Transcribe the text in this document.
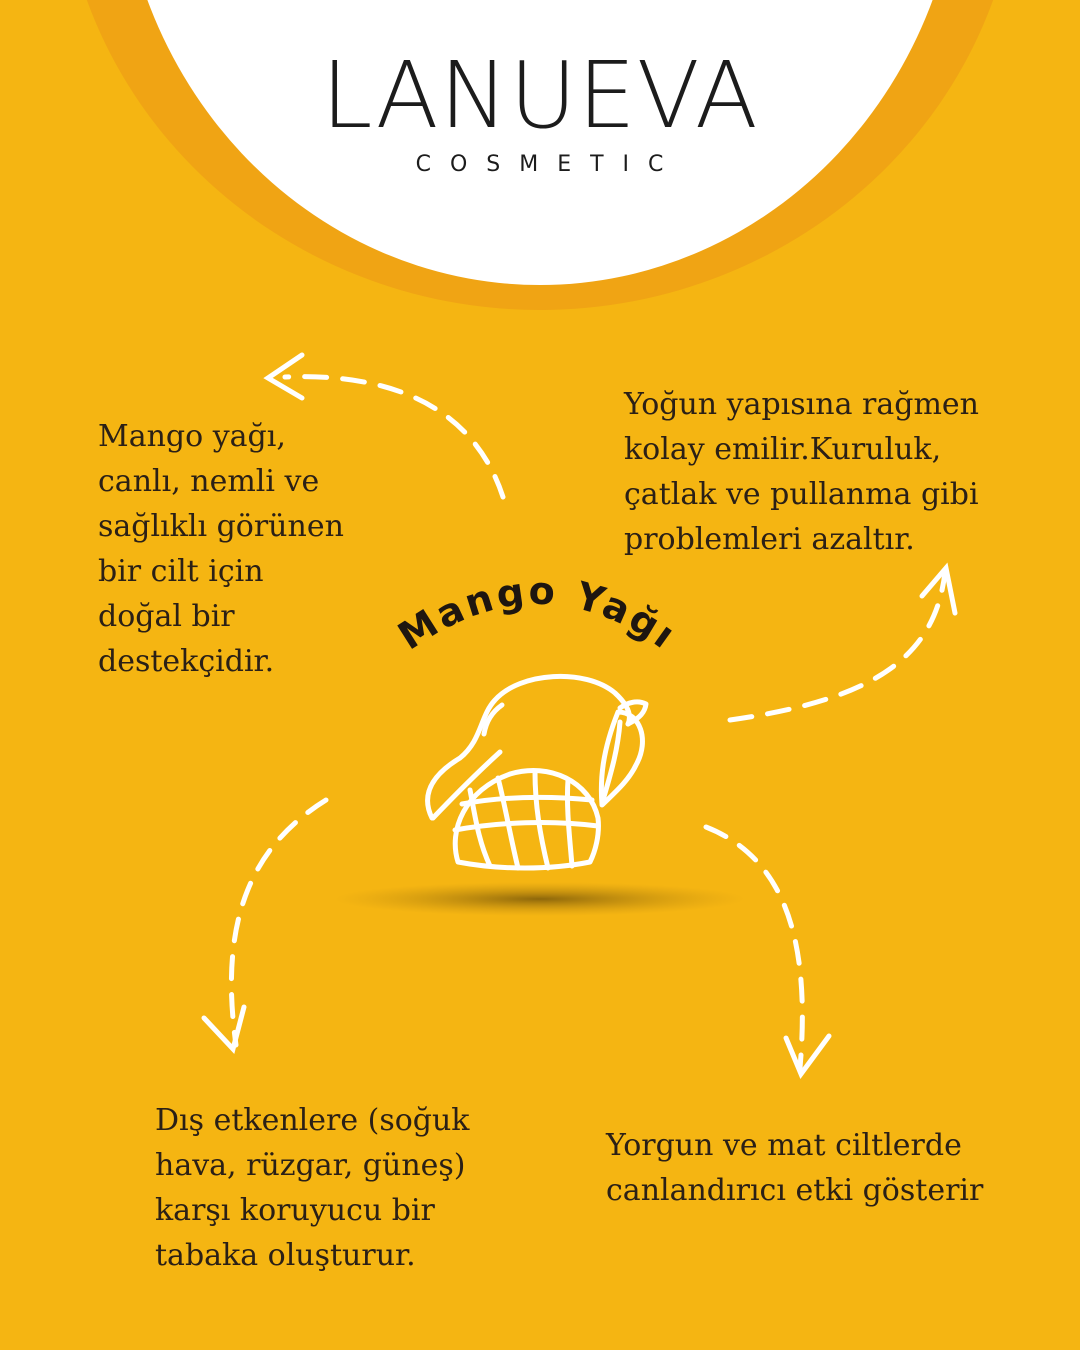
LANUEVA
COSMETIC
Mango Yağı
Mango yağı,
canlı, nemli ve
sağlıklı görünen
bir cilt için
doğal bir
destekçidir.
Yoğun yapısına rağmen
kolay emilir.Kuruluk,
çatlak ve pullanma gibi
problemleri azaltır.
Dış etkenlere (soğuk
hava, rüzgar, güneş)
karşı koruyucu bir
tabaka oluşturur.
Yorgun ve mat ciltlerde
canlandırıcı etki gösterir
